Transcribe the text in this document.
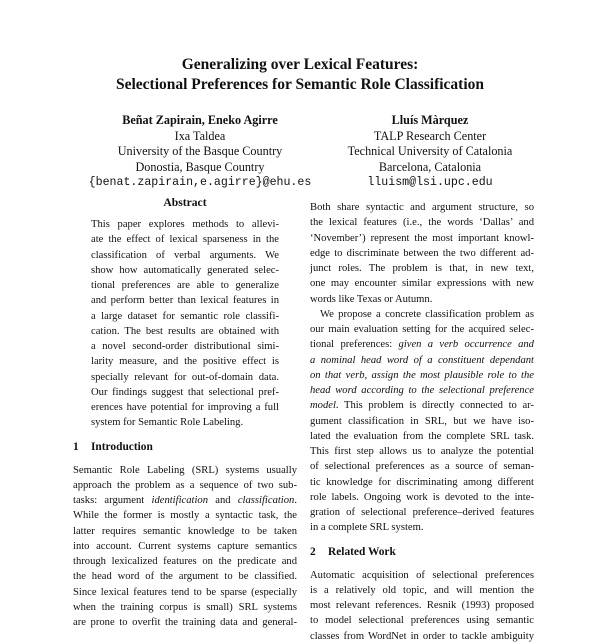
Generalizing over Lexical Features:
Selectional Preferences for Semantic Role Classification
Beñat Zapirain, Eneko Agirre
Ixa Taldea
University of the Basque Country
Donostia, Basque Country
{benat.zapirain,e.agirre}@ehu.es
Lluís Màrquez
TALP Research Center
Technical University of Catalonia
Barcelona, Catalonia
lluism@lsi.upc.edu
Abstract
This paper explores methods to allevi-
ate the effect of lexical sparseness in the
classification of verbal arguments. We
show how automatically generated selec-
tional preferences are able to generalize
and perform better than lexical features in
a large dataset for semantic role classifi-
cation. The best results are obtained with
a novel second-order distributional simi-
larity measure, and the positive effect is
specially relevant for out-of-domain data.
Our findings suggest that selectional pref-
erences have potential for improving a full
system for Semantic Role Labeling.
1 Introduction
Semantic Role Labeling (SRL) systems usually
approach the problem as a sequence of two sub-
tasks: argument identification and classification.
While the former is mostly a syntactic task, the
latter requires semantic knowledge to be taken
into account. Current systems capture semantics
through lexicalized features on the predicate and
the head word of the argument to be classified.
Since lexical features tend to be sparse (especially
when the training corpus is small) SRL systems
are prone to overfit the training data and general-
Both share syntactic and argument structure, so
the lexical features (i.e., the words ‘Dallas’ and
‘November’) represent the most important knowl-
edge to discriminate between the two different ad-
junct roles. The problem is that, in new text,
one may encounter similar expressions with new
words like Texas or Autumn.
We propose a concrete classification problem as
our main evaluation setting for the acquired selec-
tional preferences: given a verb occurrence and
a nominal head word of a constituent dependant
on that verb, assign the most plausible role to the
head word according to the selectional preference
model. This problem is directly connected to ar-
gument classification in SRL, but we have iso-
lated the evaluation from the complete SRL task.
This first step allows us to analyze the potential
of selectional preferences as a source of seman-
tic knowledge for discriminating among different
role labels. Ongoing work is devoted to the inte-
gration of selectional preference–derived features
in a complete SRL system.
2 Related Work
Automatic acquisition of selectional preferences
is a relatively old topic, and will mention the
most relevant references. Resnik (1993) proposed
to model selectional preferences using semantic
classes from WordNet in order to tackle ambiguity
